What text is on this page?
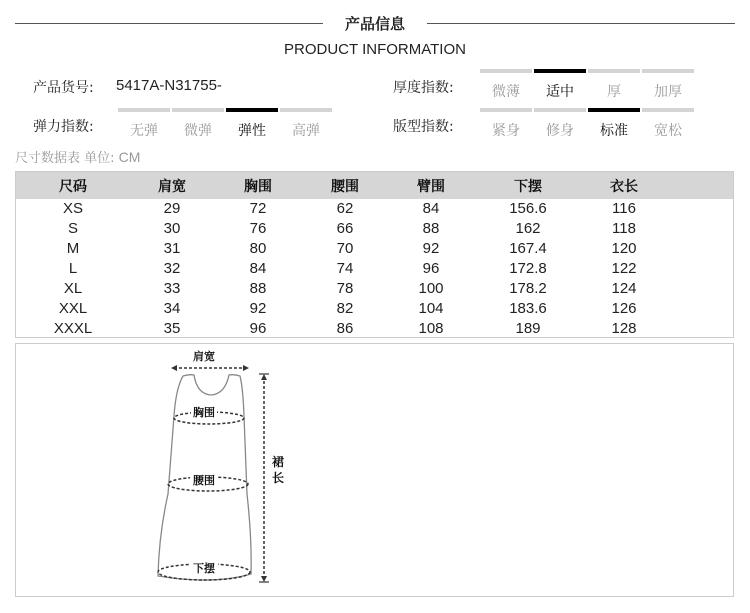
产品信息
PRODUCT INFORMATION
产品货号: 5417A-N31755-	厚度指数:	微薄	适中	厚	加厚
弹力指数:	无弹	微弹	弹性	高弹	版型指数:	紧身	修身	标准	宽松
尺寸数据表 单位: CM
尺码	肩宽	胸围	腰围	臂围	下摆	衣长
XS	29	72	62	84	156.6	116
S	30	76	66	88	162	118
M	31	80	70	92	167.4	120
L	32	84	74	96	172.8	122
XL	33	88	78	100	178.2	124
XXL	34	92	82	104	183.6	126
XXXL	35	96	86	108	189	128
肩宽
胸围
腰围
下摆
裙
长
